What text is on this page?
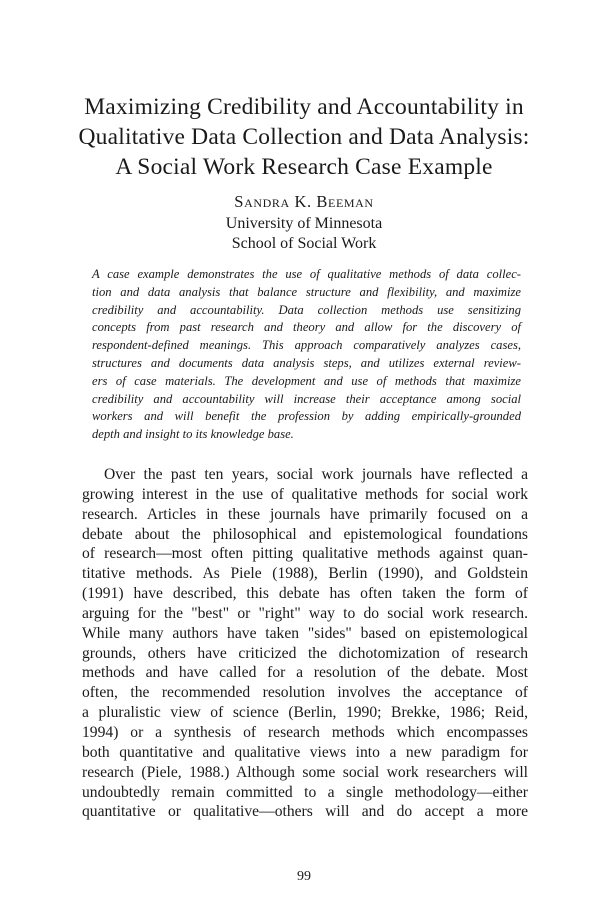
Maximizing Credibility and Accountability in
Qualitative Data Collection and Data Analysis:
A Social Work Research Case Example
Sandra K. Beeman
University of Minnesota
School of Social Work
A case example demonstrates the use of qualitative methods of data collec-
tion and data analysis that balance structure and flexibility, and maximize
credibility and accountability. Data collection methods use sensitizing
concepts from past research and theory and allow for the discovery of
respondent-defined meanings. This approach comparatively analyzes cases,
structures and documents data analysis steps, and utilizes external review-
ers of case materials. The development and use of methods that maximize
credibility and accountability will increase their acceptance among social
workers and will benefit the profession by adding empirically-grounded
depth and insight to its knowledge base.
Over the past ten years, social work journals have reflected a
growing interest in the use of qualitative methods for social work
research. Articles in these journals have primarily focused on a
debate about the philosophical and epistemological foundations
of research—most often pitting qualitative methods against quan-
titative methods. As Piele (1988), Berlin (1990), and Goldstein
(1991) have described, this debate has often taken the form of
arguing for the "best" or "right" way to do social work research.
While many authors have taken "sides" based on epistemological
grounds, others have criticized the dichotomization of research
methods and have called for a resolution of the debate. Most
often, the recommended resolution involves the acceptance of
a pluralistic view of science (Berlin, 1990; Brekke, 1986; Reid,
1994) or a synthesis of research methods which encompasses
both quantitative and qualitative views into a new paradigm for
research (Piele, 1988.) Although some social work researchers will
undoubtedly remain committed to a single methodology—either
quantitative or qualitative—others will and do accept a more
99
